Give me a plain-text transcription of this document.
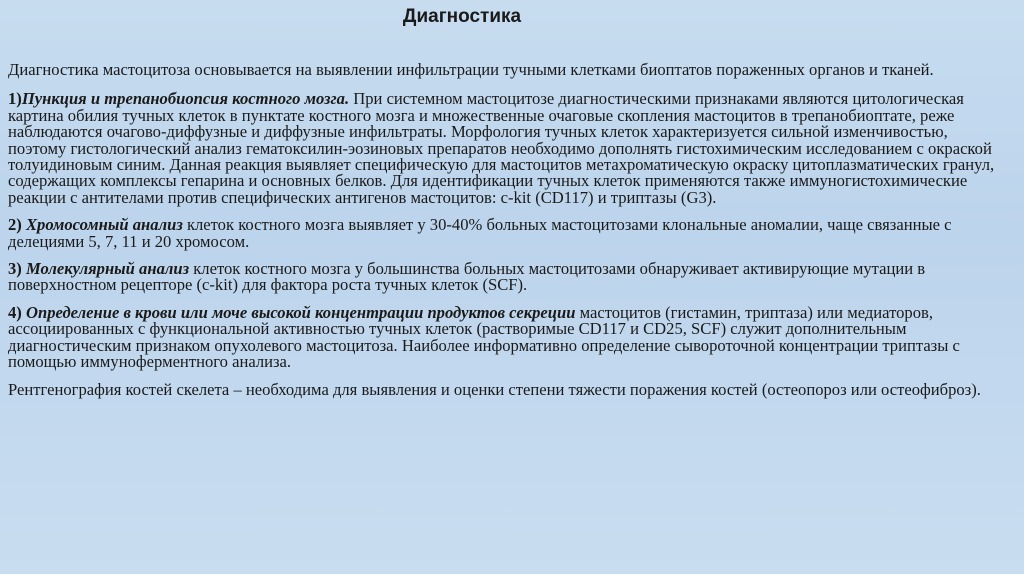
Диагностика

Диагностика мастоцитоза основывается на выявлении инфильтрации тучными клетками биоптатов пораженных органов и тканей.

1)Пункция и трепанобиопсия костного мозга. При системном мастоцитозе диагностическими признаками являются цитологическая картина обилия тучных клеток в пунктате костного мозга и множественные очаговые скопления мастоцитов в трепанобиоптате, реже наблюдаются очагово-диффузные и диффузные инфильтраты. Морфология тучных клеток характеризуется сильной изменчивостью, поэтому гистологический анализ гематоксилин-эозиновых препаратов необходимо дополнять гистохимическим исследованием с окраской толуидиновым синим. Данная реакция выявляет специфическую для мастоцитов метахроматическую окраску цитоплазматических гранул, содержащих комплексы гепарина и основных белков. Для идентификации тучных клеток применяются также иммуногистохимические реакции с антителами против специфических антигенов мастоцитов: c-kit (CD117) и триптазы (G3).

2) Хромосомный анализ клеток костного мозга выявляет у 30-40% больных мастоцитозами клональные аномалии, чаще связанные с делециями 5, 7, 11 и 20 хромосом.

3) Молекулярный анализ клеток костного мозга у большинства больных мастоцитозами обнаруживает активирующие мутации в поверхностном рецепторе (c-kit) для фактора роста тучных клеток (SCF).

4) Определение в крови или моче высокой концентрации продуктов секреции мастоцитов (гистамин, триптаза) или медиаторов, ассоциированных с функциональной активностью тучных клеток (растворимые CD117 и CD25, SCF) служит дополнительным диагностическим признаком опухолевого мастоцитоза. Наиболее информативно определение сывороточной концентрации триптазы с помощью иммуноферментного анализа.

Рентгенография костей скелета – необходима для выявления и оценки степени тяжести поражения костей (остеопороз или остеофиброз).
